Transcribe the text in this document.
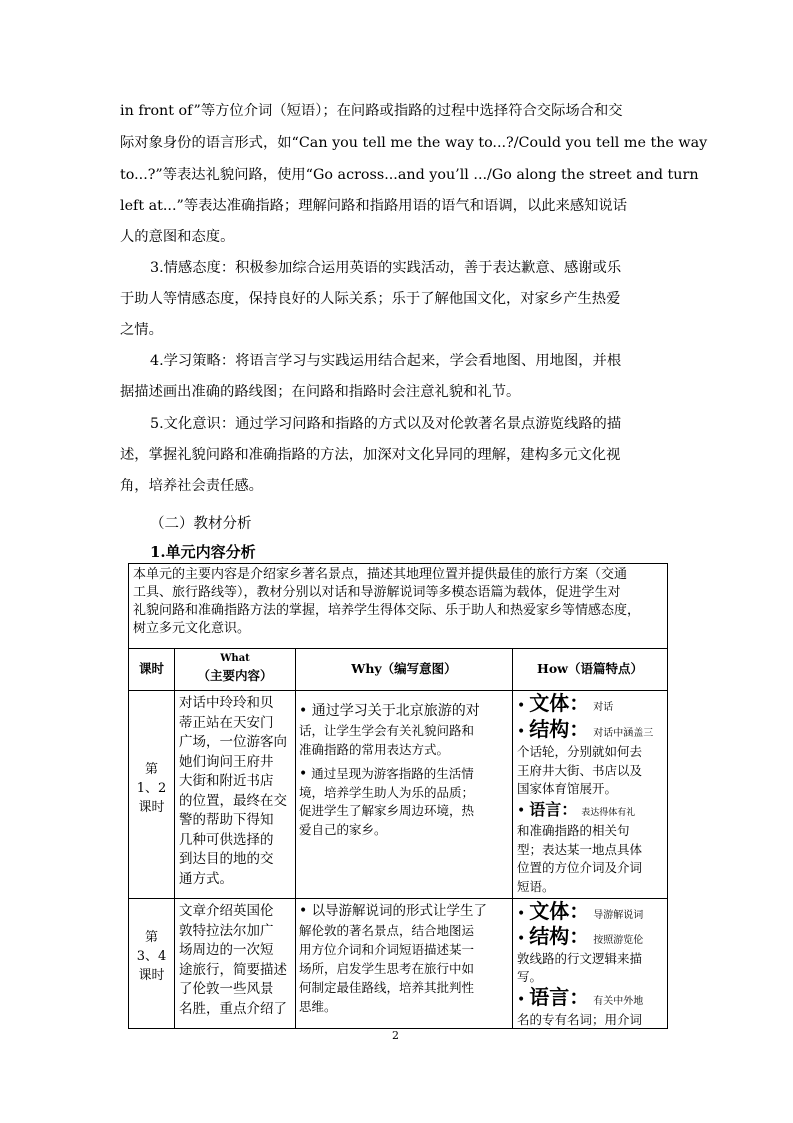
in front of”等方位介词（短语）；在问路或指路的过程中选择符合交际场合和交
际对象身份的语言形式，如“Can you tell me the way to...?/Could you tell me the way
to...?”等表达礼貌问路，使用“Go across...and you’ll .../Go along the street and turn
left at...”等表达准确指路；理解问路和指路用语的语气和语调，以此来感知说话
人的意图和态度。
3.情感态度：积极参加综合运用英语的实践活动，善于表达歉意、感谢或乐
于助人等情感态度，保持良好的人际关系；乐于了解他国文化，对家乡产生热爱
之情。
4.学习策略：将语言学习与实践运用结合起来，学会看地图、用地图，并根
据描述画出准确的路线图；在问路和指路时会注意礼貌和礼节。
5.文化意识：通过学习问路和指路的方式以及对伦敦著名景点游览线路的描
述，掌握礼貌问路和准确指路的方法，加深对文化异同的理解，建构多元文化视
角，培养社会责任感。
（二）教材分析
1.单元内容分析
本单元的主要内容是介绍家乡著名景点，描述其地理位置并提供最佳的旅行方案（交通
工具、旅行路线等），教材分别以对话和导游解说词等多模态语篇为载体，促进学生对
礼貌问路和准确指路方法的掌握，培养学生得体交际、乐于助人和热爱家乡等情感态度，
树立多元文化意识。
课时
What
（主要内容）	Why（编写意图）	How（语篇特点）
第
1、2
课时
对话中玲玲和贝
蒂正站在天安门
广场，一位游客向
她们询问王府井
大街和附近书店
的位置，最终在交
警的帮助下得知
几种可供选择的
到达目的地的交
通方式。
• 通过学习关于北京旅游的对
话，让学生学会有关礼貌问路和
准确指路的常用表达方式。
• 通过呈现为游客指路的生活情
境，培养学生助人为乐的品质；
促进学生了解家乡周边环境，热
爱自己的家乡。
• 文体： 对话
• 结构： 对话中涵盖三
个话轮，分别就如何去
王府井大街、书店以及
国家体育馆展开。
• 语言： 表达得体有礼
和准确指路的相关句
型；表达某一地点具体
位置的方位介词及介词
短语。
第
3、4
课时
文章介绍英国伦
敦特拉法尔加广
场周边的一次短
途旅行，简要描述
了伦敦一些风景
名胜，重点介绍了
• 以导游解说词的形式让学生了
解伦敦的著名景点，结合地图运
用方位介词和介词短语描述某一
场所，启发学生思考在旅行中如
何制定最佳路线，培养其批判性
思维。
• 文体： 导游解说词
• 结构： 按照游览伦
敦线路的行文逻辑来描
写。
• 语言： 有关中外地
名的专有名词；用介词
2
